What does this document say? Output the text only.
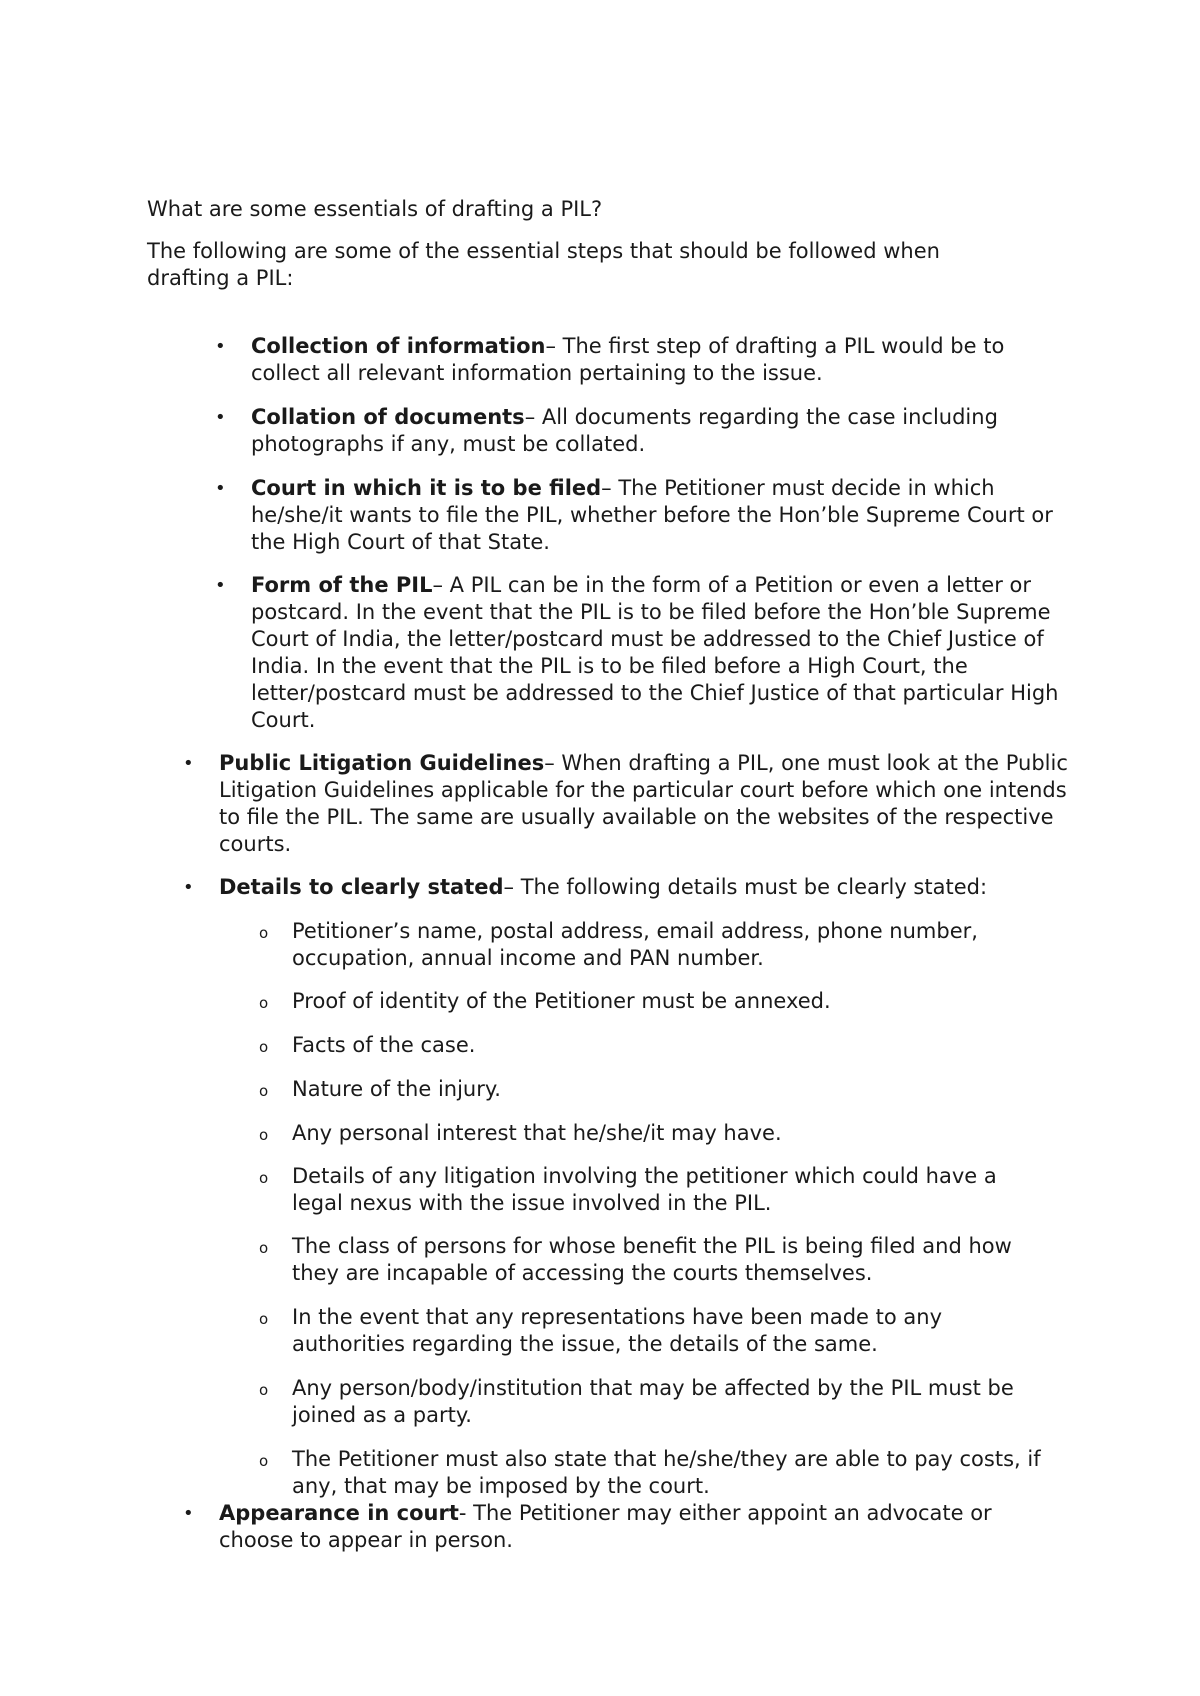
What are some essentials of drafting a PIL?
The following are some of the essential steps that should be followed when drafting a PIL:
• Collection of information– The first step of drafting a PIL would be to collect all relevant information pertaining to the issue.
• Collation of documents– All documents regarding the case including photographs if any, must be collated.
• Court in which it is to be filed– The Petitioner must decide in which he/she/it wants to file the PIL, whether before the Hon’ble Supreme Court or the High Court of that State.
• Form of the PIL– A PIL can be in the form of a Petition or even a letter or postcard. In the event that the PIL is to be filed before the Hon’ble Supreme Court of India, the letter/postcard must be addressed to the Chief Justice of India. In the event that the PIL is to be filed before a High Court, the letter/postcard must be addressed to the Chief Justice of that particular High Court.
• Public Litigation Guidelines– When drafting a PIL, one must look at the Public Litigation Guidelines applicable for the particular court before which one intends to file the PIL. The same are usually available on the websites of the respective courts.
• Details to clearly stated– The following details must be clearly stated:
o Petitioner’s name, postal address, email address, phone number, occupation, annual income and PAN number.
o Proof of identity of the Petitioner must be annexed.
o Facts of the case.
o Nature of the injury.
o Any personal interest that he/she/it may have.
o Details of any litigation involving the petitioner which could have a legal nexus with the issue involved in the PIL.
o The class of persons for whose benefit the PIL is being filed and how they are incapable of accessing the courts themselves.
o In the event that any representations have been made to any authorities regarding the issue, the details of the same.
o Any person/body/institution that may be affected by the PIL must be joined as a party.
o The Petitioner must also state that he/she/they are able to pay costs, if any, that may be imposed by the court.
• Appearance in court- The Petitioner may either appoint an advocate or choose to appear in person.
